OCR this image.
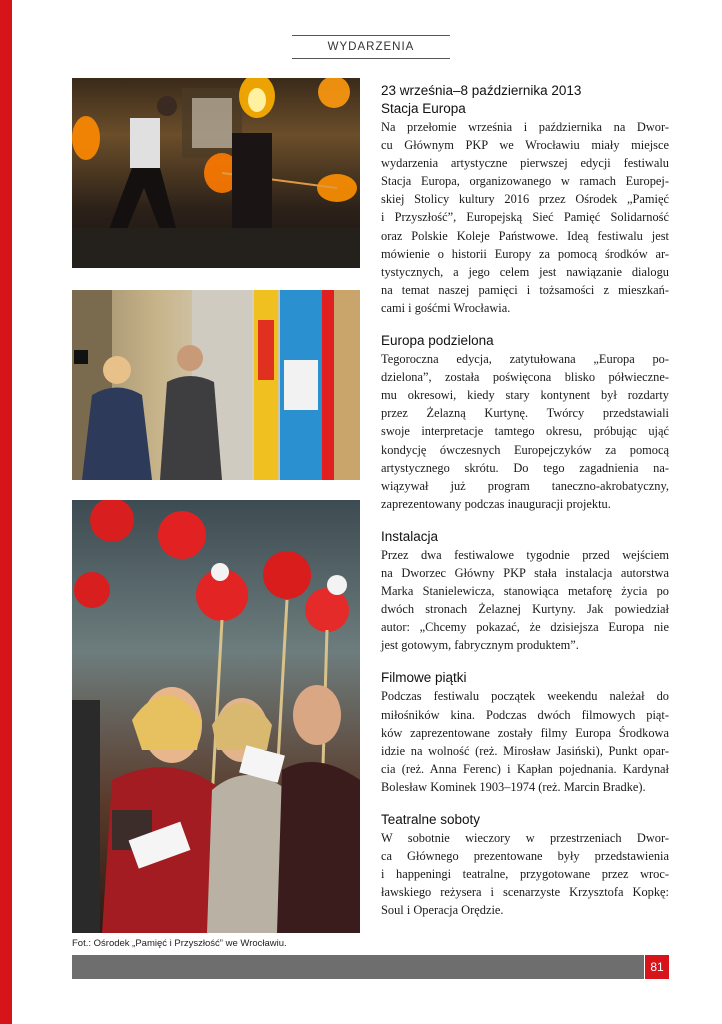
WYDARZENIA
23 września–8 października 2013
Stacja Europa

Na przełomie września i października na Dwor-
cu Głównym PKP we Wrocławiu miały miejsce
wydarzenia artystyczne pierwszej edycji festiwalu
Stacja Europa, organizowanego w ramach Europej-
skiej Stolicy kultury 2016 przez Ośrodek „Pamięć
i Przyszłość”, Europejską Sieć Pamięć Solidarność
oraz Polskie Koleje Państwowe. Ideą festiwalu jest
mówienie o historii Europy za pomocą środków ar-
tystycznych, a jego celem jest nawiązanie dialogu
na temat naszej pamięci i tożsamości z mieszkań-
cami i gośćmi Wrocławia.

Europa podzielona

Tegoroczna edycja, zatytułowana „Europa po-
dzielona”, została poświęcona blisko półwieczne-
mu okresowi, kiedy stary kontynent był rozdarty
przez Żelazną Kurtynę. Twórcy przedstawiali
swoje interpretacje tamtego okresu, próbując ująć
kondycję ówczesnych Europejczyków za pomocą
artystycznego skrótu. Do tego zagadnienia na-
wiązywał już program taneczno-akrobatyczny,
zaprezentowany podczas inauguracji projektu.

Instalacja

Przez dwa festiwalowe tygodnie przed wejściem
na Dworzec Główny PKP stała instalacja autorstwa
Marka Stanielewicza, stanowiąca metaforę życia po
dwóch stronach Żelaznej Kurtyny. Jak powiedział
autor: „Chcemy pokazać, że dzisiejsza Europa nie
jest gotowym, fabrycznym produktem”.

Filmowe piątki

Podczas festiwalu początek weekendu należał do
miłośników kina. Podczas dwóch filmowych piąt-
ków zaprezentowane zostały filmy Europa Środkowa
idzie na wolność (reż. Mirosław Jasiński), Punkt opar-
cia (reż. Anna Ferenc) i Kapłan pojednania. Kardynał
Bolesław Kominek 1903–1974 (reż. Marcin Bradke).

Teatralne soboty

W sobotnie wieczory w przestrzeniach Dwor-
ca Głównego prezentowane były przedstawienia
i happeningi teatralne, przygotowane przez wroc-
ławskiego reżysera i scenarzyste Krzysztofa Kopkę:
Soul i Operacja Orędzie.

Fot.: Ośrodek „Pamięć i Przyszłość” we Wrocławiu.
81
